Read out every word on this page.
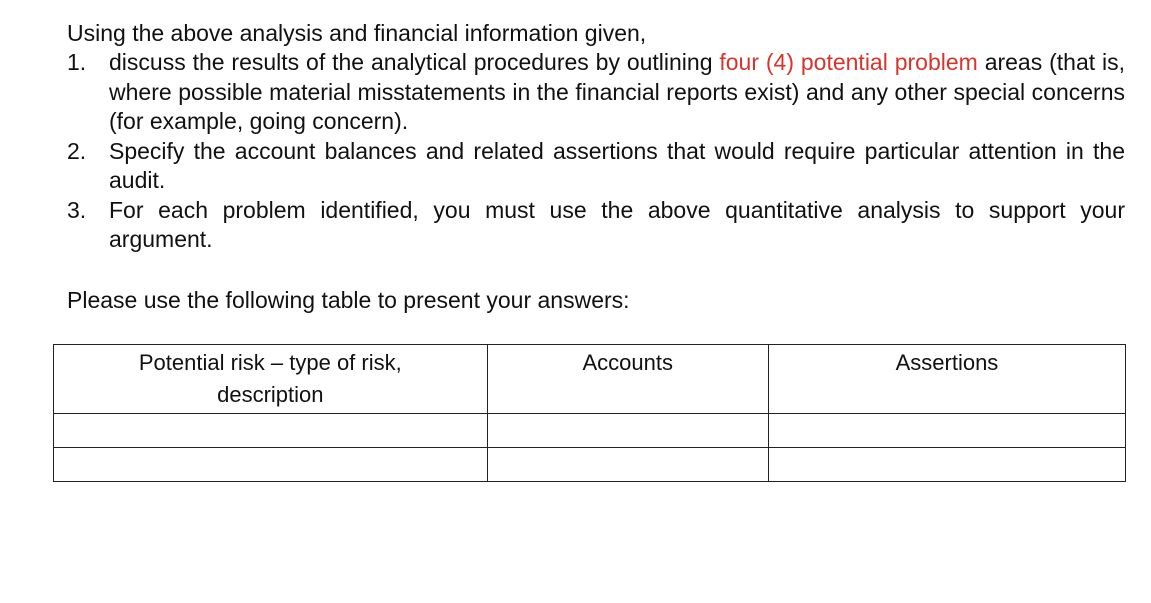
Using the above analysis and financial information given,

1. discuss the results of the analytical procedures by outlining four (4) potential problem areas (that is, where possible material misstatements in the financial reports exist) and any other special concerns (for example, going concern).
2. Specify the account balances and related assertions that would require particular attention in the audit.
3. For each problem identified, you must use the above quantitative analysis to support your argument.

Please use the following table to present your answers:

Potential risk – type of risk, description	Accounts	Assertions
